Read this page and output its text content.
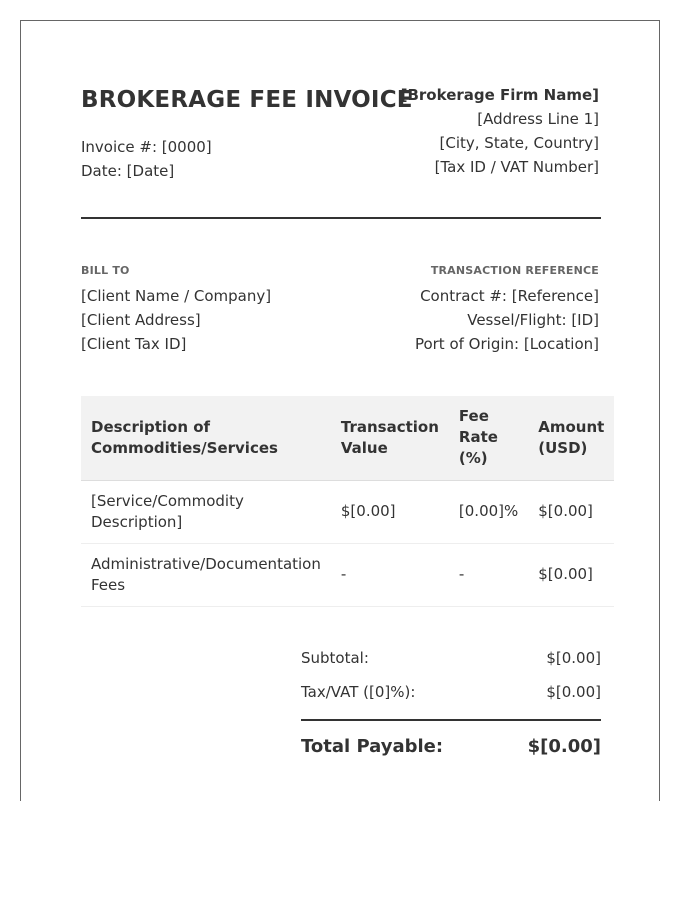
BROKERAGE FEE INVOICE
Invoice #: [0000]
Date: [Date]
[Brokerage Firm Name]
[Address Line 1]
[City, State, Country]
[Tax ID / VAT Number]
BILL TO
[Client Name / Company]
[Client Address]
[Client Tax ID]
TRANSACTION REFERENCE
Contract #: [Reference]
Vessel/Flight: [ID]
Port of Origin: [Location]
Description of Commodities/Services	Transaction Value	Fee Rate (%)	Amount (USD)
[Service/Commodity Description]	$[0.00]	[0.00]%	$[0.00]
Administrative/Documentation Fees	-	-	$[0.00]
Subtotal:	$[0.00]
Tax/VAT ([0]%):	$[0.00]
Total Payable:	$[0.00]
